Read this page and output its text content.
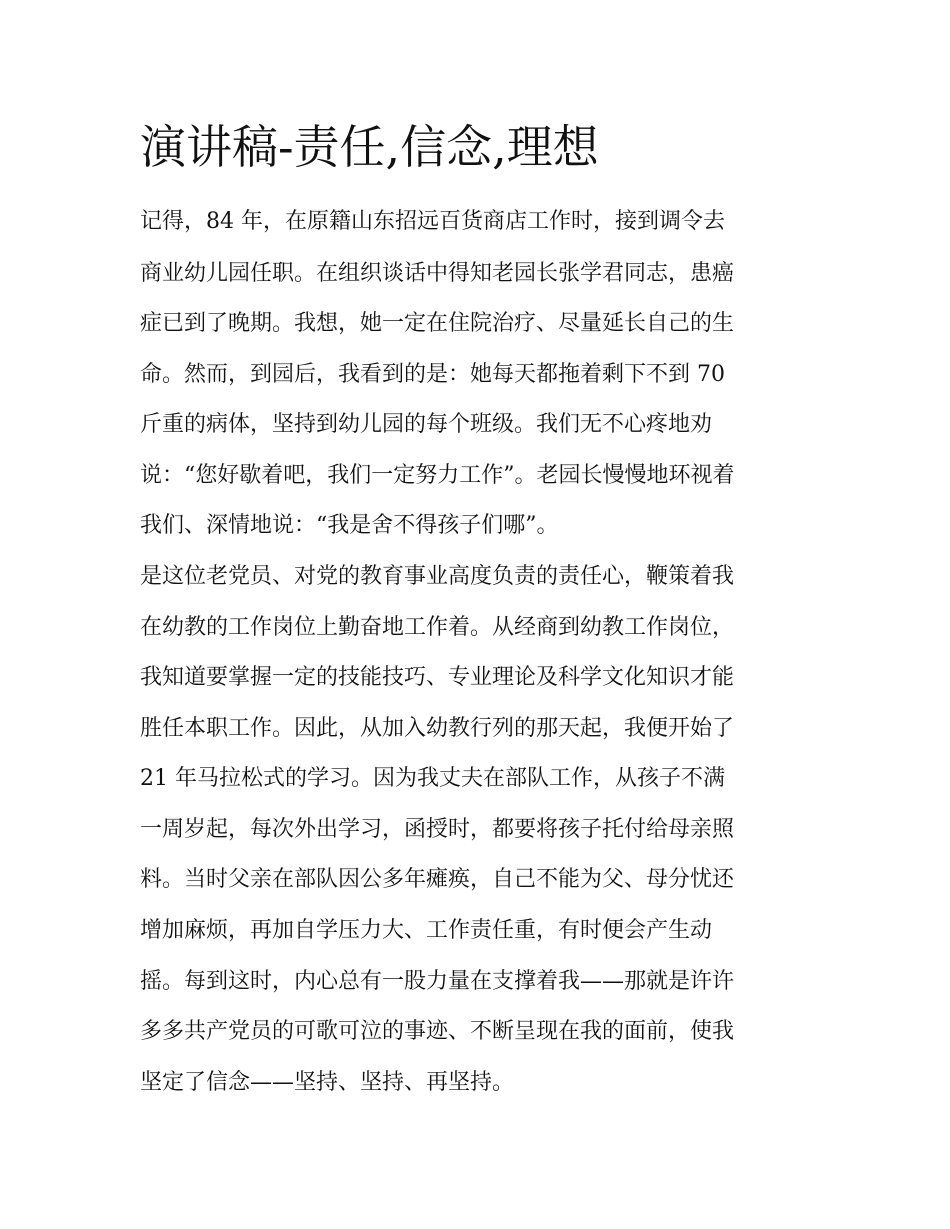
演讲稿-责任,信念,理想

记得，84 年，在原籍山东招远百货商店工作时，接到调令去

商业幼儿园任职。在组织谈话中得知老园长张学君同志，患癌

症已到了晚期。我想，她一定在住院治疗、尽量延长自己的生

命。然而，到园后，我看到的是：她每天都拖着剩下不到 70

斤重的病体，坚持到幼儿园的每个班级。我们无不心疼地劝

说：“您好歇着吧，我们一定努力工作”。老园长慢慢地环视着

我们、深情地说：“我是舍不得孩子们哪”。

是这位老党员、对党的教育事业高度负责的责任心，鞭策着我

在幼教的工作岗位上勤奋地工作着。从经商到幼教工作岗位，

我知道要掌握一定的技能技巧、专业理论及科学文化知识才能

胜任本职工作。因此，从加入幼教行列的那天起，我便开始了

21 年马拉松式的学习。因为我丈夫在部队工作，从孩子不满

一周岁起，每次外出学习，函授时，都要将孩子托付给母亲照

料。当时父亲在部队因公多年瘫痪，自己不能为父、母分忧还

增加麻烦，再加自学压力大、工作责任重，有时便会产生动

摇。每到这时，内心总有一股力量在支撑着我——那就是许许

多多共产党员的可歌可泣的事迹、不断呈现在我的面前，使我

坚定了信念——坚持、坚持、再坚持。
